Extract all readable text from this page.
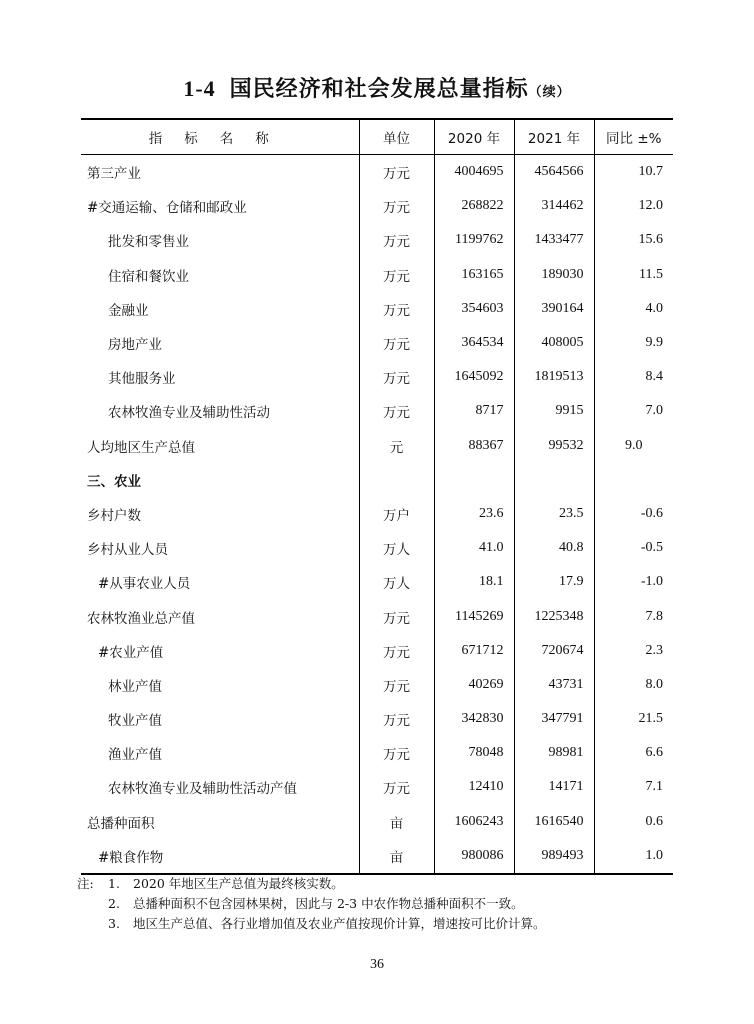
1-4 国民经济和社会发展总量指标（续）
指标名称	单位	2020 年	2021 年	同比 ±%
第三产业	万元	4004695	4564566	10.7
#交通运输、仓储和邮政业	万元	268822	314462	12.0
批发和零售业	万元	1199762	1433477	15.6
住宿和餐饮业	万元	163165	189030	11.5
金融业	万元	354603	390164	4.0
房地产业	万元	364534	408005	9.9
其他服务业	万元	1645092	1819513	8.4
农林牧渔专业及辅助性活动	万元	8717	9915	7.0
人均地区生产总值	元	88367	99532	9.0
三、农业				
乡村户数	万户	23.6	23.5	-0.6
乡村从业人员	万人	41.0	40.8	-0.5
#从事农业人员	万人	18.1	17.9	-1.0
农林牧渔业总产值	万元	1145269	1225348	7.8
#农业产值	万元	671712	720674	2.3
林业产值	万元	40269	43731	8.0
牧业产值	万元	342830	347791	21.5
渔业产值	万元	78048	98981	6.6
农林牧渔专业及辅助性活动产值	万元	12410	14171	7.1
总播种面积	亩	1606243	1616540	0.6
#粮食作物	亩	980086	989493	1.0
注:	1.	2020 年地区生产总值为最终核实数。
2.	总播种面积不包含园林果树，因此与 2-3 中农作物总播种面积不一致。
3.	地区生产总值、各行业增加值及农业产值按现价计算，增速按可比价计算。
36
